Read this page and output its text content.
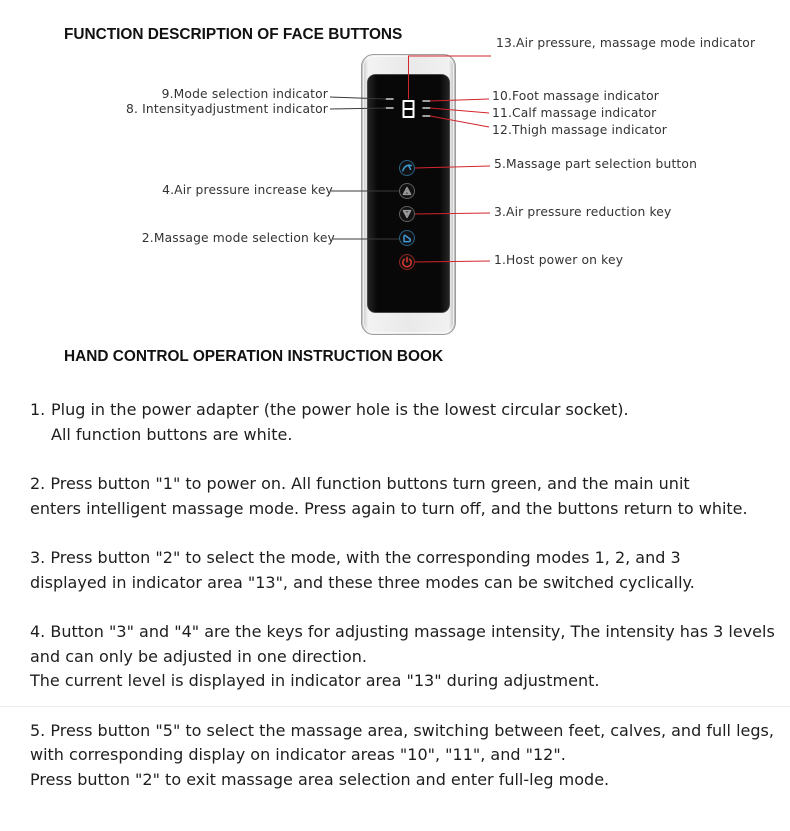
FUNCTION DESCRIPTION OF FACE BUTTONS	13.Air pressure, massage mode indicator
9.Mode selection indicator
8. Intensityadjustment indicator
10.Foot massage indicator
11.Calf massage indicator
12.Thigh massage indicator
5.Massage part selection button
4.Air pressure increase key
3.Air pressure reduction key
2.Massage mode selection key
1.Host power on key
HAND CONTROL OPERATION INSTRUCTION BOOK
1. Plug in the power adapter (the power hole is the lowest circular socket).
All function buttons are white.
2. Press button "1" to power on. All function buttons turn green, and the main unit
enters intelligent massage mode. Press again to turn off, and the buttons return to white.
3. Press button "2" to select the mode, with the corresponding modes 1, 2, and 3
displayed in indicator area "13", and these three modes can be switched cyclically.
4. Button "3" and "4" are the keys for adjusting massage intensity, The intensity has 3 levels
and can only be adjusted in one direction.
The current level is displayed in indicator area "13" during adjustment.
5. Press button "5" to select the massage area, switching between feet, calves, and full legs,
with corresponding display on indicator areas "10", "11", and "12".
Press button "2" to exit massage area selection and enter full-leg mode.
